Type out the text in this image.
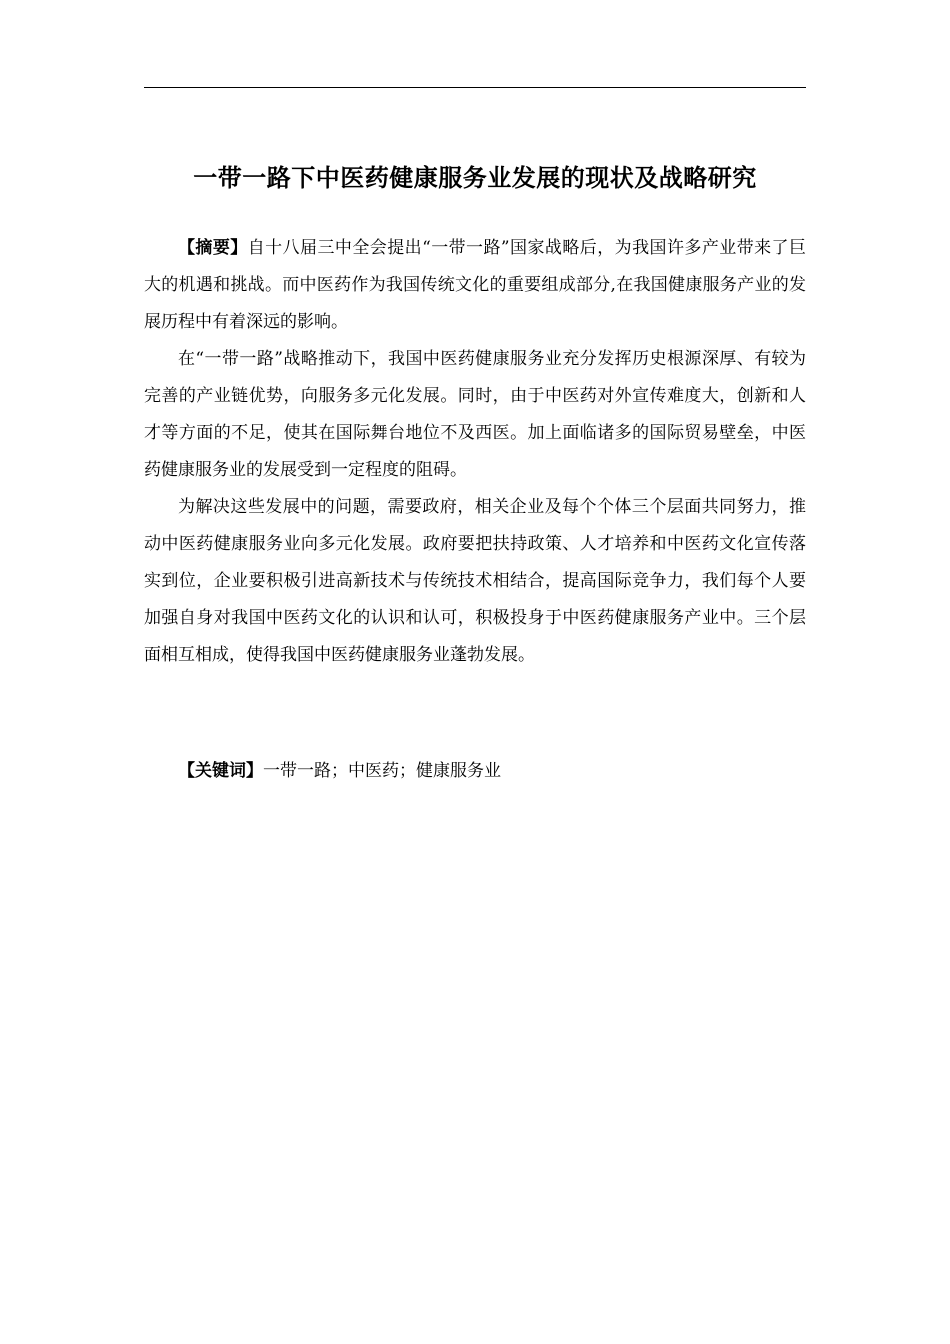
一带一路下中医药健康服务业发展的现状及战略研究

【摘要】自十八届三中全会提出“一带一路”国家战略后，为我国许多产业带来了巨大的机遇和挑战。而中医药作为我国传统文化的重要组成部分,在我国健康服务产业的发展历程中有着深远的影响。

在“一带一路”战略推动下，我国中医药健康服务业充分发挥历史根源深厚、有较为完善的产业链优势，向服务多元化发展。同时，由于中医药对外宣传难度大，创新和人才等方面的不足，使其在国际舞台地位不及西医。加上面临诸多的国际贸易壁垒，中医药健康服务业的发展受到一定程度的阻碍。

为解决这些发展中的问题，需要政府，相关企业及每个个体三个层面共同努力，推动中医药健康服务业向多元化发展。政府要把扶持政策、人才培养和中医药文化宣传落实到位，企业要积极引进高新技术与传统技术相结合，提高国际竞争力，我们每个人要加强自身对我国中医药文化的认识和认可，积极投身于中医药健康服务产业中。三个层面相互相成，使得我国中医药健康服务业蓬勃发展。

【关键词】一带一路；中医药；健康服务业
